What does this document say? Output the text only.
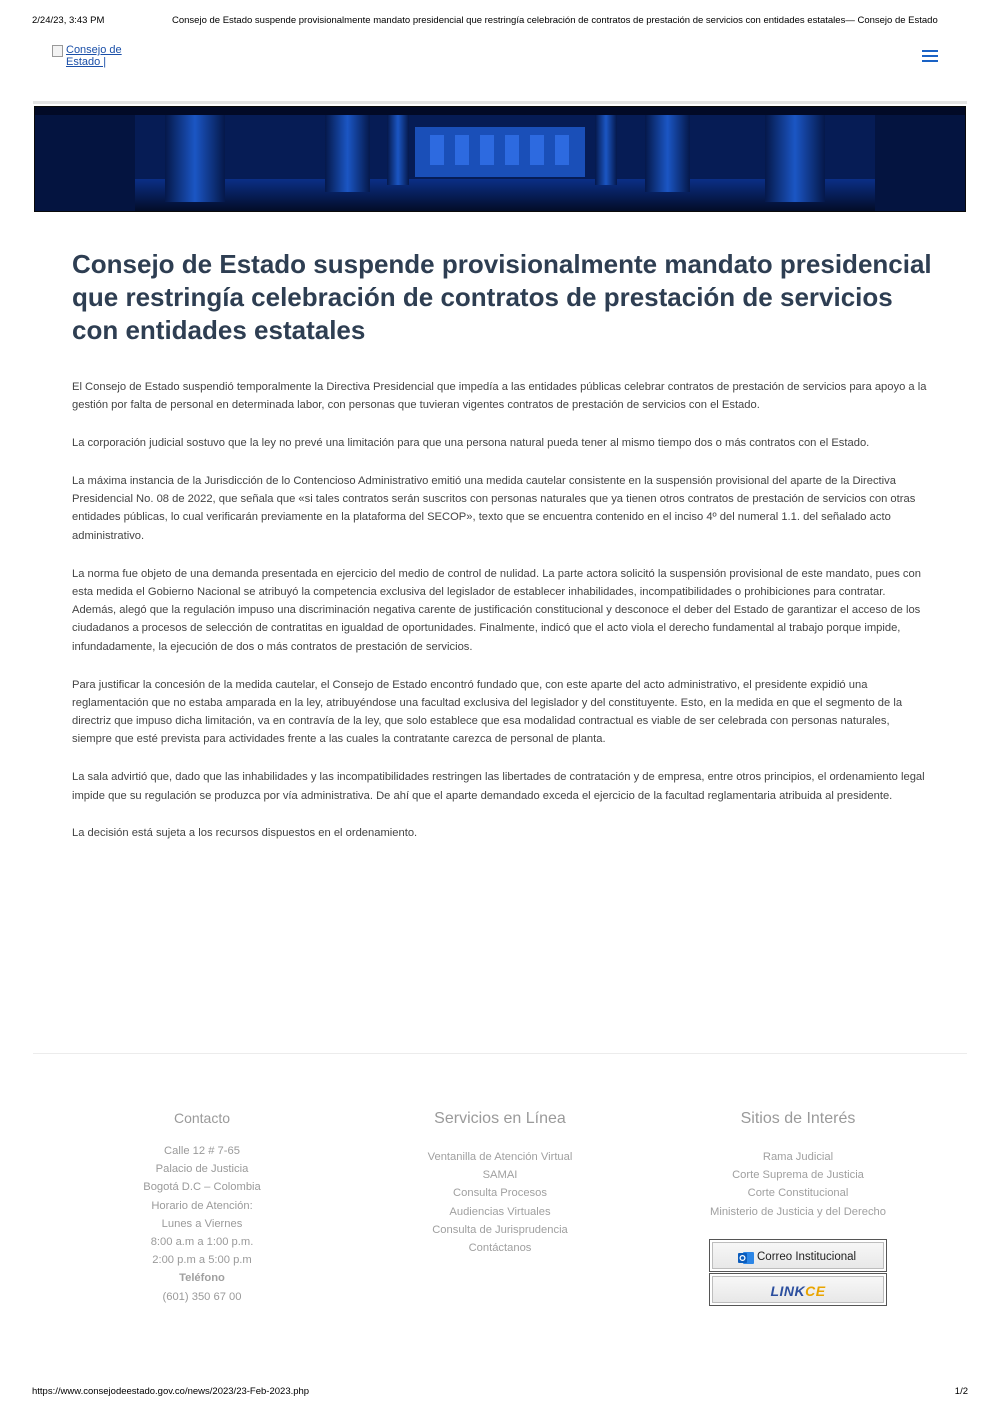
2/24/23, 3:43 PM	Consejo de Estado suspende provisionalmente mandato presidencial que restringía celebración de contratos de prestación de servicios con entidades estatales— Consejo de Estado
Consejo de Estado |
Consejo de Estado suspende provisionalmente mandato presidencial que restringía celebración de contratos de prestación de servicios con entidades estatales

El Consejo de Estado suspendió temporalmente la Directiva Presidencial que impedía a las entidades públicas celebrar contratos de prestación de servicios para apoyo a la gestión por falta de personal en determinada labor, con personas que tuvieran vigentes contratos de prestación de servicios con el Estado.

La corporación judicial sostuvo que la ley no prevé una limitación para que una persona natural pueda tener al mismo tiempo dos o más contratos con el Estado.

La máxima instancia de la Jurisdicción de lo Contencioso Administrativo emitió una medida cautelar consistente en la suspensión provisional del aparte de la Directiva Presidencial No. 08 de 2022, que señala que «si tales contratos serán suscritos con personas naturales que ya tienen otros contratos de prestación de servicios con otras entidades públicas, lo cual verificarán previamente en la plataforma del SECOP», texto que se encuentra contenido en el inciso 4º del numeral 1.1. del señalado acto administrativo.

La norma fue objeto de una demanda presentada en ejercicio del medio de control de nulidad. La parte actora solicitó la suspensión provisional de este mandato, pues con esta medida el Gobierno Nacional se atribuyó la competencia exclusiva del legislador de establecer inhabilidades, incompatibilidades o prohibiciones para contratar. Además, alegó que la regulación impuso una discriminación negativa carente de justificación constitucional y desconoce el deber del Estado de garantizar el acceso de los ciudadanos a procesos de selección de contratitas en igualdad de oportunidades. Finalmente, indicó que el acto viola el derecho fundamental al trabajo porque impide, infundadamente, la ejecución de dos o más contratos de prestación de servicios.

Para justificar la concesión de la medida cautelar, el Consejo de Estado encontró fundado que, con este aparte del acto administrativo, el presidente expidió una reglamentación que no estaba amparada en la ley, atribuyéndose una facultad exclusiva del legislador y del constituyente. Esto, en la medida en que el segmento de la directriz que impuso dicha limitación, va en contravía de la ley, que solo establece que esa modalidad contractual es viable de ser celebrada con personas naturales, siempre que esté prevista para actividades frente a las cuales la contratante carezca de personal de planta.

La sala advirtió que, dado que las inhabilidades y las incompatibilidades restringen las libertades de contratación y de empresa, entre otros principios, el ordenamiento legal impide que su regulación se produzca por vía administrativa. De ahí que el aparte demandado exceda el ejercicio de la facultad reglamentaria atribuida al presidente.

La decisión está sujeta a los recursos dispuestos en el ordenamiento.

Contacto
Calle 12 # 7-65
Palacio de Justicia
Bogotá D.C – Colombia
Horario de Atención:
Lunes a Viernes
8:00 a.m a 1:00 p.m.
2:00 p.m a 5:00 p.m
Teléfono
(601) 350 67 00
Servicios en Línea
Ventanilla de Atención Virtual
SAMAI
Consulta Procesos
Audiencias Virtuales
Consulta de Jurisprudencia
Contáctanos
Sitios de Interés
Rama Judicial
Corte Suprema de Justicia
Corte Constitucional
Ministerio de Justicia y del Derecho
Correo Institucional
LINKCE
https://www.consejodeestado.gov.co/news/2023/23-Feb-2023.php	1/2
